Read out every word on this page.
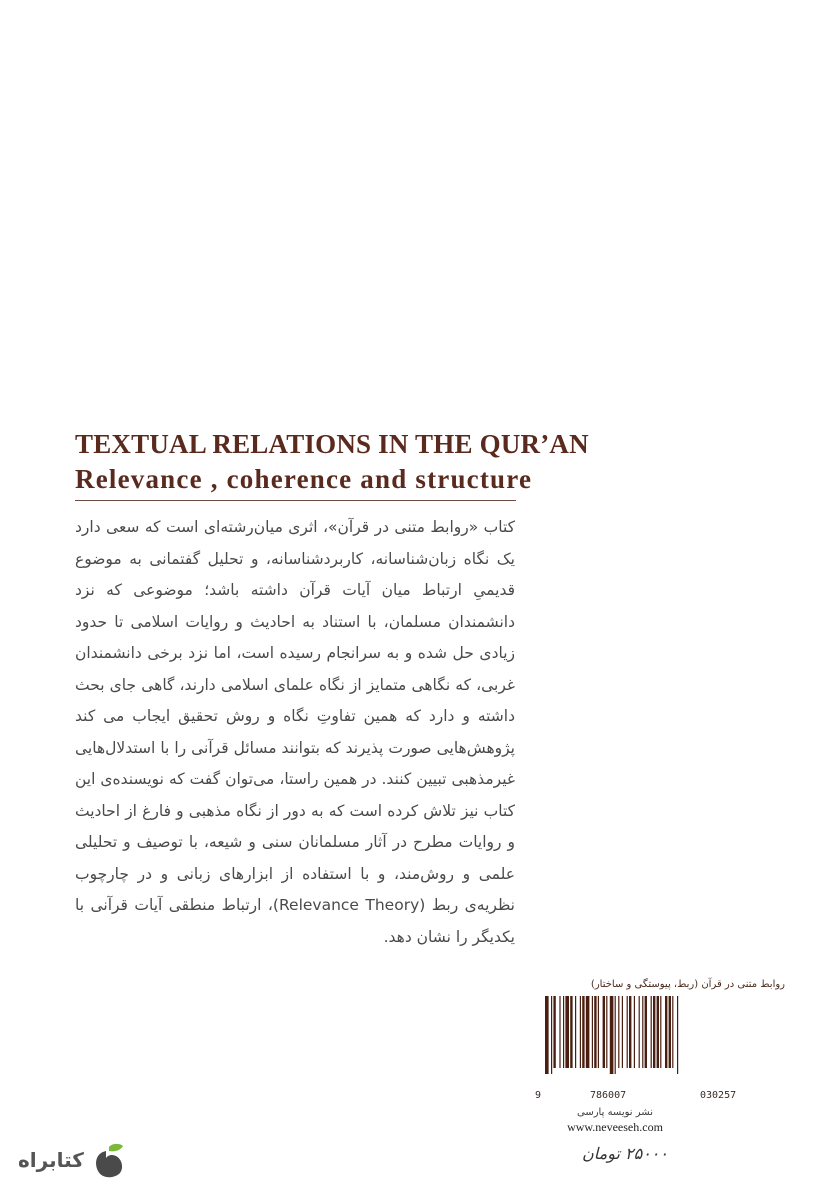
TEXTUAL RELATIONS IN THE QUR’AN
Relevance , coherence and structure
کتاب «روابط متنی در قرآن»، اثری میان‌رشته‌ای است که سعی دارد یک نگاه زبان‌شناسانه، کاربردشناسانه، و تحلیل گفتمانی به موضوع قدیمیِ ارتباط میان آیات قرآن داشته باشد؛ موضوعی که نزد دانشمندان مسلمان، با استناد به احادیث و روایات اسلامی تا حدود زیادی حل شده و به سرانجام رسیده است، اما نزد برخی دانشمندان غربی، که نگاهی متمایز از نگاه علمای اسلامی دارند، گاهی جای بحث داشته و دارد که همین تفاوتِ نگاه و روش تحقیق ایجاب می کند پژوهش‌هایی صورت پذیرند که بتوانند مسائل قرآنی را با استدلال‌هایی غیرمذهبی تبیین کنند. در همین راستا، می‌توان گفت که نویسنده‌ی این کتاب نیز تلاش کرده است که به دور از نگاه مذهبی و فارغ از احادیث و روایات مطرح در آثار مسلمانان سنی و شیعه، با توصیف و تحلیلی علمی و روش‌مند، و با استفاده از ابزارهای زبانی و در چارچوب نظریه‌ی ربط (Relevance Theory)، ارتباط منطقی آیات قرآنی با یکدیگر را نشان دهد.
روابط متنی در قرآن (ربط، پیوستگی و ساختار)
9	786007	030257
نشر نویسه پارسی
www.neveeseh.com
۲۵۰۰۰ تومان
کتابراه
